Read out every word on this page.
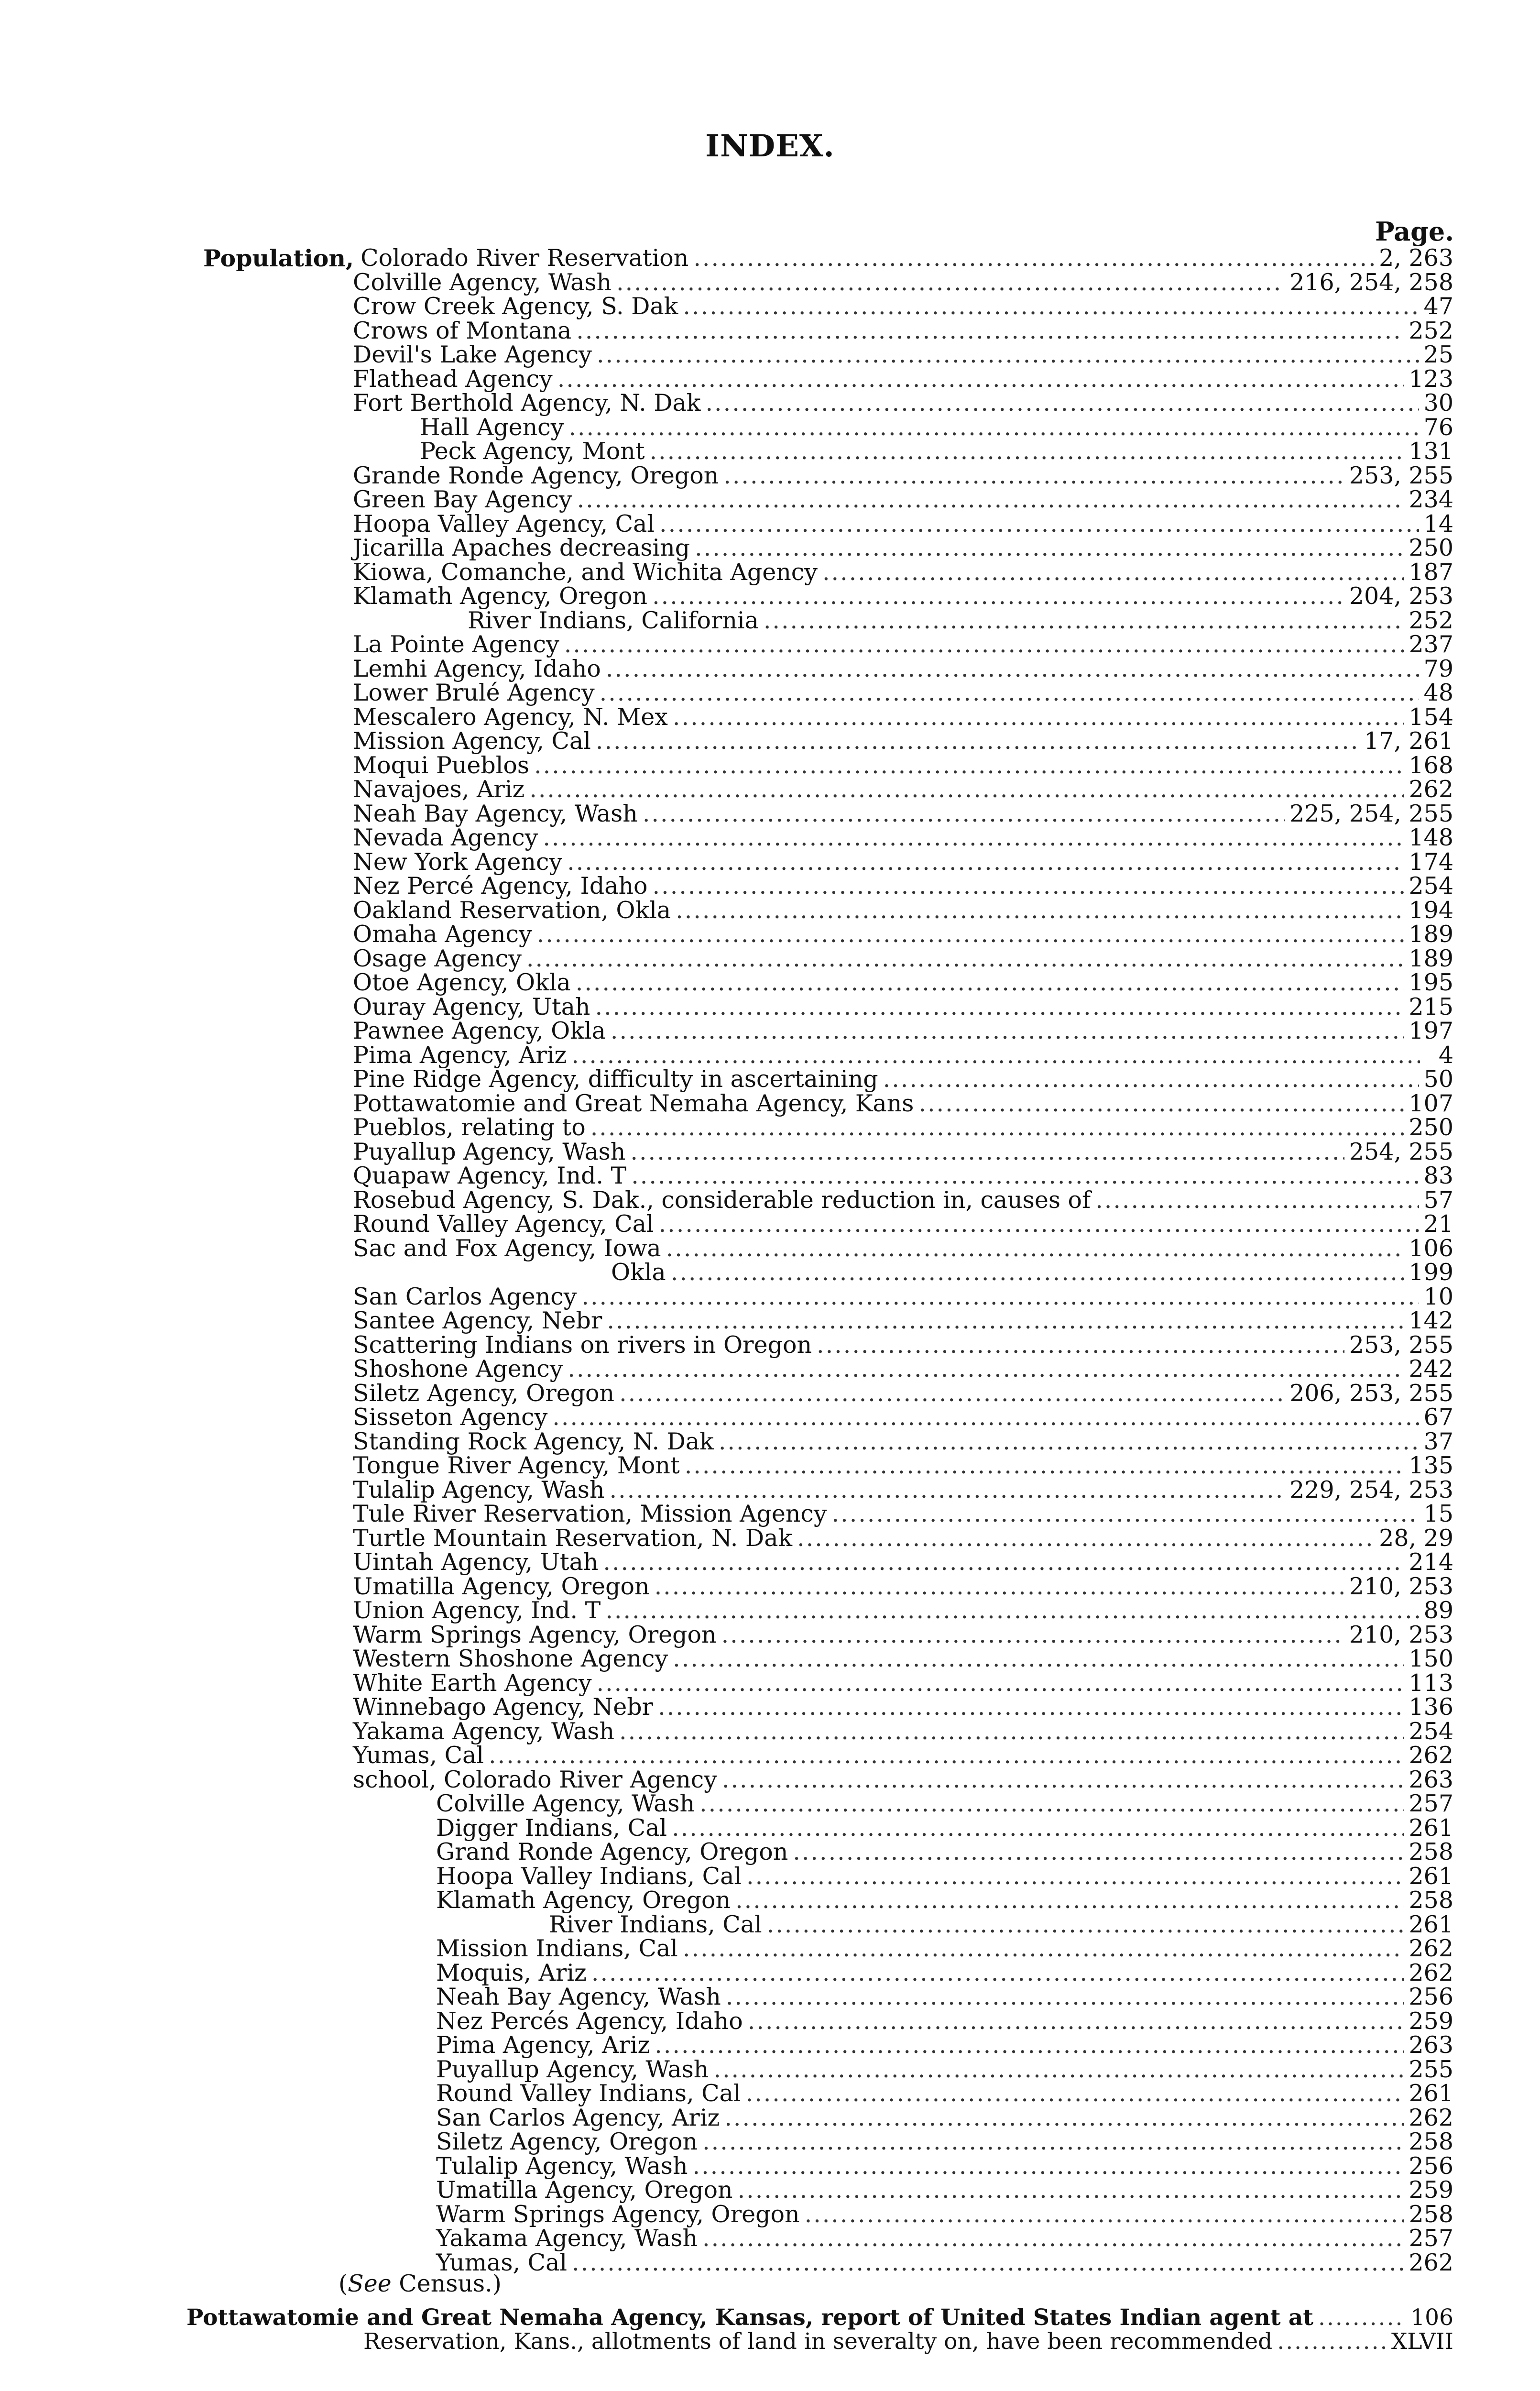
INDEX.
Page.
Population, Colorado River Reservation .....	2, 263
Colville Agency, Wash .....	216, 254, 258
Crow Creek Agency, S. Dak .....	47
Crows of Montana .....	252
Devil's Lake Agency .....	25
Flathead Agency .....	123
Fort Berthold Agency, N. Dak .....	30
Hall Agency .....	76
Peck Agency, Mont .....	131
Grande Ronde Agency, Oregon .....	253, 255
Green Bay Agency .....	234
Hoopa Valley Agency, Cal .....	14
Jicarilla Apaches decreasing .....	250
Kiowa, Comanche, and Wichita Agency .....	187
Klamath Agency, Oregon .....	204, 253
River Indians, California .....	252
La Pointe Agency .....	237
Lemhi Agency, Idaho .....	79
Lower Brulé Agency .....	48
Mescalero Agency, N. Mex .....	154
Mission Agency, Cal .....	17, 261
Moqui Pueblos .....	168
Navajoes, Ariz .....	262
Neah Bay Agency, Wash .....	225, 254, 255
Nevada Agency .....	148
New York Agency .....	174
Nez Percé Agency, Idaho .....	254
Oakland Reservation, Okla .....	194
Omaha Agency .....	189
Osage Agency .....	189
Otoe Agency, Okla .....	195
Ouray Agency, Utah .....	215
Pawnee Agency, Okla .....	197
Pima Agency, Ariz .....	4
Pine Ridge Agency, difficulty in ascertaining .....	50
Pottawatomie and Great Nemaha Agency, Kans .....	107
Pueblos, relating to .....	250
Puyallup Agency, Wash .....	254, 255
Quapaw Agency, Ind. T .....	83
Rosebud Agency, S. Dak., considerable reduction in, causes of .....	57
Round Valley Agency, Cal .....	21
Sac and Fox Agency, Iowa .....	106
Okla .....	199
San Carlos Agency .....	10
Santee Agency, Nebr .....	142
Scattering Indians on rivers in Oregon .....	253, 255
Shoshone Agency .....	242
Siletz Agency, Oregon .....	206, 253, 255
Sisseton Agency .....	67
Standing Rock Agency, N. Dak .....	37
Tongue River Agency, Mont .....	135
Tulalip Agency, Wash .....	229, 254, 253
Tule River Reservation, Mission Agency .....	15
Turtle Mountain Reservation, N. Dak .....	28, 29
Uintah Agency, Utah .....	214
Umatilla Agency, Oregon .....	210, 253
Union Agency, Ind. T .....	89
Warm Springs Agency, Oregon .....	210, 253
Western Shoshone Agency .....	150
White Earth Agency .....	113
Winnebago Agency, Nebr .....	136
Yakama Agency, Wash .....	254
Yumas, Cal .....	262
school, Colorado River Agency .....	263
Colville Agency, Wash .....	257
Digger Indians, Cal .....	261
Grand Ronde Agency, Oregon .....	258
Hoopa Valley Indians, Cal .....	261
Klamath Agency, Oregon .....	258
River Indians, Cal .....	261
Mission Indians, Cal .....	262
Moquis, Ariz .....	262
Neah Bay Agency, Wash .....	256
Nez Percés Agency, Idaho .....	259
Pima Agency, Ariz .....	263
Puyallup Agency, Wash .....	255
Round Valley Indians, Cal .....	261
San Carlos Agency, Ariz .....	262
Siletz Agency, Oregon .....	258
Tulalip Agency, Wash .....	256
Umatilla Agency, Oregon .....	259
Warm Springs Agency, Oregon .....	258
Yakama Agency, Wash .....	257
Yumas, Cal .....	262
(See Census.)
Pottawatomie and Great Nemaha Agency, Kansas, report of United States Indian agent at .....	106
Reservation, Kans., allotments of land in severalty on, have been recommended .....	XLVII
